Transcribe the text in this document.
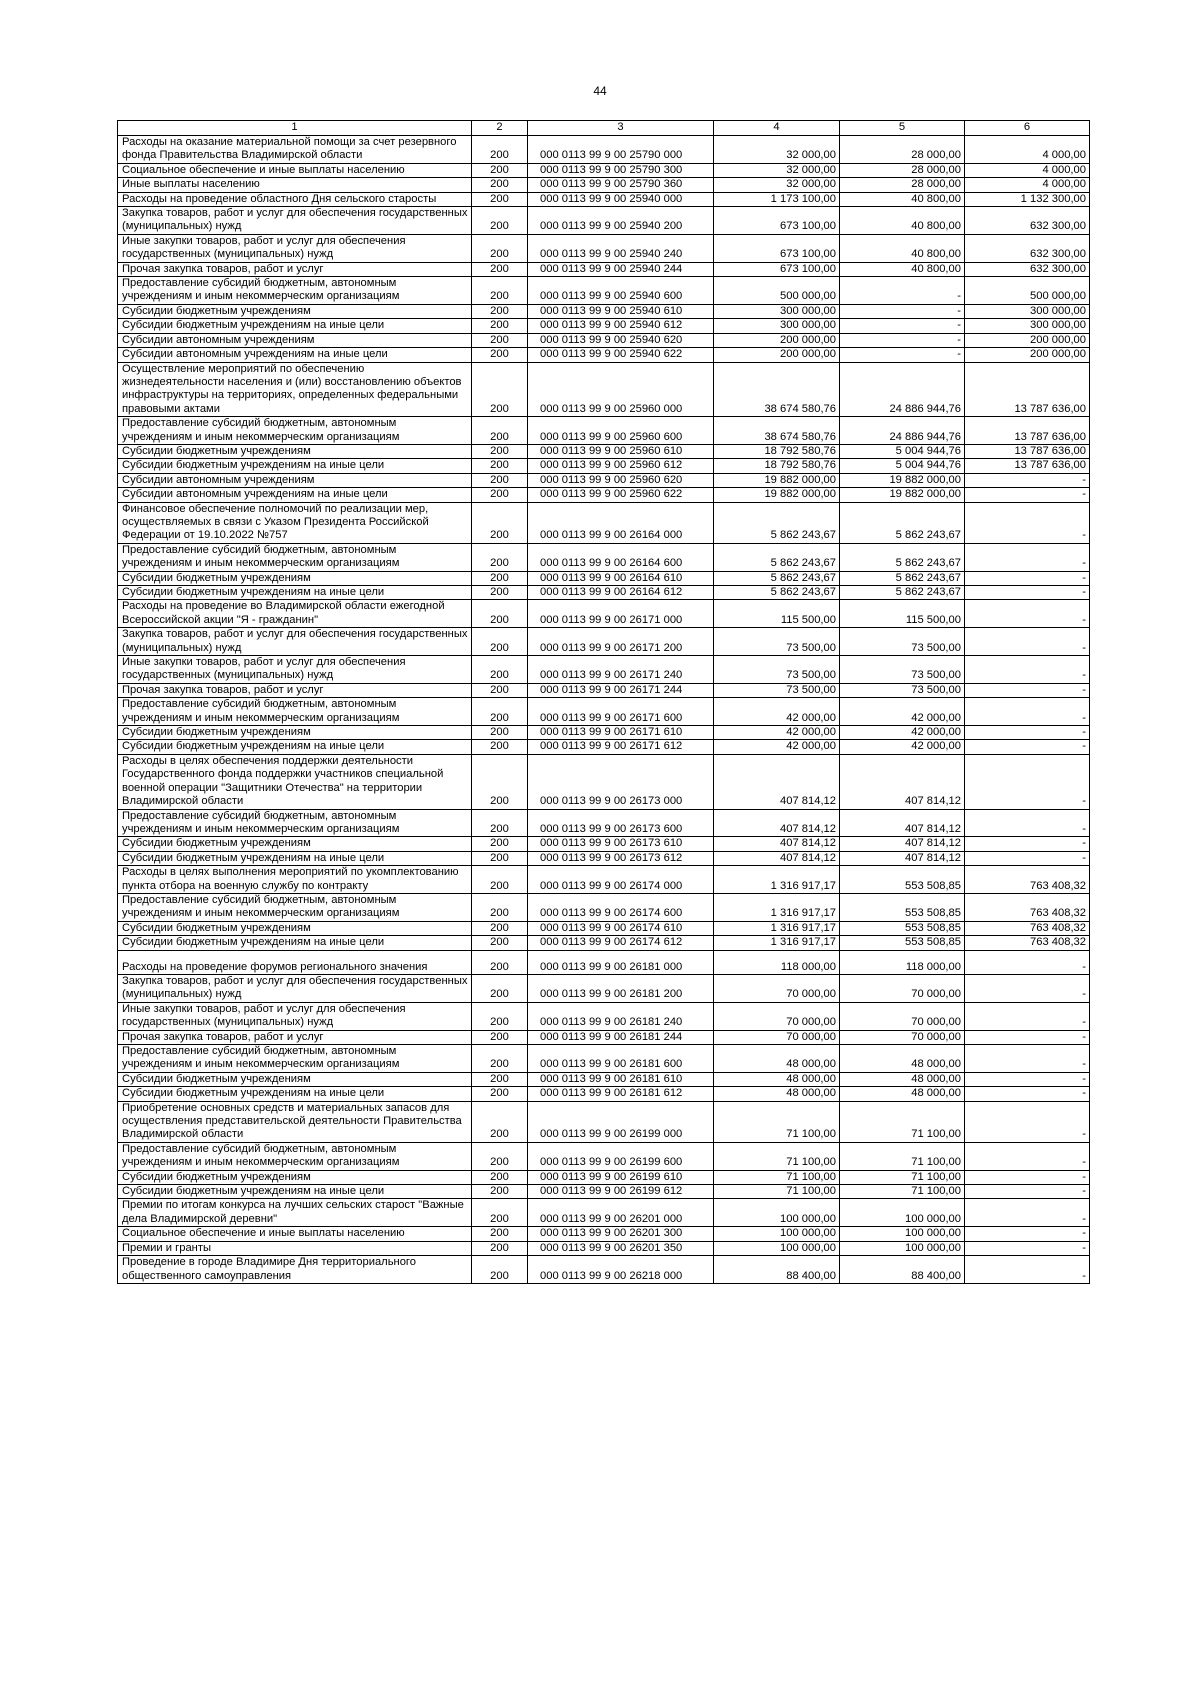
44
1	2	3	4	5	6
Расходы на оказание материальной помощи за счет резервного фонда Правительства Владимирской области	200	000 0113 99 9 00 25790 000	32 000,00	28 000,00	4 000,00
Социальное обеспечение и иные выплаты населению	200	000 0113 99 9 00 25790 300	32 000,00	28 000,00	4 000,00
Иные выплаты населению	200	000 0113 99 9 00 25790 360	32 000,00	28 000,00	4 000,00
Расходы на проведение областного Дня сельского старосты	200	000 0113 99 9 00 25940 000	1 173 100,00	40 800,00	1 132 300,00
Закупка товаров, работ и услуг для обеспечения государственных (муниципальных) нужд	200	000 0113 99 9 00 25940 200	673 100,00	40 800,00	632 300,00
Иные закупки товаров, работ и услуг для обеспечения государственных (муниципальных) нужд	200	000 0113 99 9 00 25940 240	673 100,00	40 800,00	632 300,00
Прочая закупка товаров, работ и услуг	200	000 0113 99 9 00 25940 244	673 100,00	40 800,00	632 300,00
Предоставление субсидий бюджетным, автономным учреждениям и иным некоммерческим организациям	200	000 0113 99 9 00 25940 600	500 000,00	-	500 000,00
Субсидии бюджетным учреждениям	200	000 0113 99 9 00 25940 610	300 000,00	-	300 000,00
Субсидии бюджетным учреждениям на иные цели	200	000 0113 99 9 00 25940 612	300 000,00	-	300 000,00
Субсидии автономным учреждениям	200	000 0113 99 9 00 25940 620	200 000,00	-	200 000,00
Субсидии автономным учреждениям на иные цели	200	000 0113 99 9 00 25940 622	200 000,00	-	200 000,00
Осуществление мероприятий по обеспечению жизнедеятельности населения и (или) восстановлению объектов инфраструктуры на территориях, определенных федеральными правовыми актами	200	000 0113 99 9 00 25960 000	38 674 580,76	24 886 944,76	13 787 636,00
Предоставление субсидий бюджетным, автономным учреждениям и иным некоммерческим организациям	200	000 0113 99 9 00 25960 600	38 674 580,76	24 886 944,76	13 787 636,00
Субсидии бюджетным учреждениям	200	000 0113 99 9 00 25960 610	18 792 580,76	5 004 944,76	13 787 636,00
Субсидии бюджетным учреждениям на иные цели	200	000 0113 99 9 00 25960 612	18 792 580,76	5 004 944,76	13 787 636,00
Субсидии автономным учреждениям	200	000 0113 99 9 00 25960 620	19 882 000,00	19 882 000,00	-
Субсидии автономным учреждениям на иные цели	200	000 0113 99 9 00 25960 622	19 882 000,00	19 882 000,00	-
Финансовое обеспечение полномочий по реализации мер, осуществляемых в связи с Указом Президента Российской Федерации от 19.10.2022 №757	200	000 0113 99 9 00 26164 000	5 862 243,67	5 862 243,67	-
Предоставление субсидий бюджетным, автономным учреждениям и иным некоммерческим организациям	200	000 0113 99 9 00 26164 600	5 862 243,67	5 862 243,67	-
Субсидии бюджетным учреждениям	200	000 0113 99 9 00 26164 610	5 862 243,67	5 862 243,67	-
Субсидии бюджетным учреждениям на иные цели	200	000 0113 99 9 00 26164 612	5 862 243,67	5 862 243,67	-
Расходы на проведение во Владимирской области ежегодной Всероссийской акции "Я - гражданин"	200	000 0113 99 9 00 26171 000	115 500,00	115 500,00	-
Закупка товаров, работ и услуг для обеспечения государственных (муниципальных) нужд	200	000 0113 99 9 00 26171 200	73 500,00	73 500,00	-
Иные закупки товаров, работ и услуг для обеспечения государственных (муниципальных) нужд	200	000 0113 99 9 00 26171 240	73 500,00	73 500,00	-
Прочая закупка товаров, работ и услуг	200	000 0113 99 9 00 26171 244	73 500,00	73 500,00	-
Предоставление субсидий бюджетным, автономным учреждениям и иным некоммерческим организациям	200	000 0113 99 9 00 26171 600	42 000,00	42 000,00	-
Субсидии бюджетным учреждениям	200	000 0113 99 9 00 26171 610	42 000,00	42 000,00	-
Субсидии бюджетным учреждениям на иные цели	200	000 0113 99 9 00 26171 612	42 000,00	42 000,00	-
Расходы в целях обеспечения поддержки деятельности Государственного фонда поддержки участников специальной военной операции "Защитники Отечества" на территории Владимирской области	200	000 0113 99 9 00 26173 000	407 814,12	407 814,12	-
Предоставление субсидий бюджетным, автономным учреждениям и иным некоммерческим организациям	200	000 0113 99 9 00 26173 600	407 814,12	407 814,12	-
Субсидии бюджетным учреждениям	200	000 0113 99 9 00 26173 610	407 814,12	407 814,12	-
Субсидии бюджетным учреждениям на иные цели	200	000 0113 99 9 00 26173 612	407 814,12	407 814,12	-
Расходы в целях выполнения мероприятий по укомплектованию пункта отбора на военную службу по контракту	200	000 0113 99 9 00 26174 000	1 316 917,17	553 508,85	763 408,32
Предоставление субсидий бюджетным, автономным учреждениям и иным некоммерческим организациям	200	000 0113 99 9 00 26174 600	1 316 917,17	553 508,85	763 408,32
Субсидии бюджетным учреждениям	200	000 0113 99 9 00 26174 610	1 316 917,17	553 508,85	763 408,32
Субсидии бюджетным учреждениям на иные цели	200	000 0113 99 9 00 26174 612	1 316 917,17	553 508,85	763 408,32
Расходы на проведение форумов регионального значения	200	000 0113 99 9 00 26181 000	118 000,00	118 000,00	-
Закупка товаров, работ и услуг для обеспечения государственных (муниципальных) нужд	200	000 0113 99 9 00 26181 200	70 000,00	70 000,00	-
Иные закупки товаров, работ и услуг для обеспечения государственных (муниципальных) нужд	200	000 0113 99 9 00 26181 240	70 000,00	70 000,00	-
Прочая закупка товаров, работ и услуг	200	000 0113 99 9 00 26181 244	70 000,00	70 000,00	-
Предоставление субсидий бюджетным, автономным учреждениям и иным некоммерческим организациям	200	000 0113 99 9 00 26181 600	48 000,00	48 000,00	-
Субсидии бюджетным учреждениям	200	000 0113 99 9 00 26181 610	48 000,00	48 000,00	-
Субсидии бюджетным учреждениям на иные цели	200	000 0113 99 9 00 26181 612	48 000,00	48 000,00	-
Приобретение основных средств и материальных запасов для осуществления представительской деятельности Правительства Владимирской области	200	000 0113 99 9 00 26199 000	71 100,00	71 100,00	-
Предоставление субсидий бюджетным, автономным учреждениям и иным некоммерческим организациям	200	000 0113 99 9 00 26199 600	71 100,00	71 100,00	-
Субсидии бюджетным учреждениям	200	000 0113 99 9 00 26199 610	71 100,00	71 100,00	-
Субсидии бюджетным учреждениям на иные цели	200	000 0113 99 9 00 26199 612	71 100,00	71 100,00	-
Премии по итогам конкурса на лучших сельских старост "Важные дела Владимирской деревни"	200	000 0113 99 9 00 26201 000	100 000,00	100 000,00	-
Социальное обеспечение и иные выплаты населению	200	000 0113 99 9 00 26201 300	100 000,00	100 000,00	-
Премии и гранты	200	000 0113 99 9 00 26201 350	100 000,00	100 000,00	-
Проведение в городе Владимире Дня территориального общественного самоуправления	200	000 0113 99 9 00 26218 000	88 400,00	88 400,00	-
